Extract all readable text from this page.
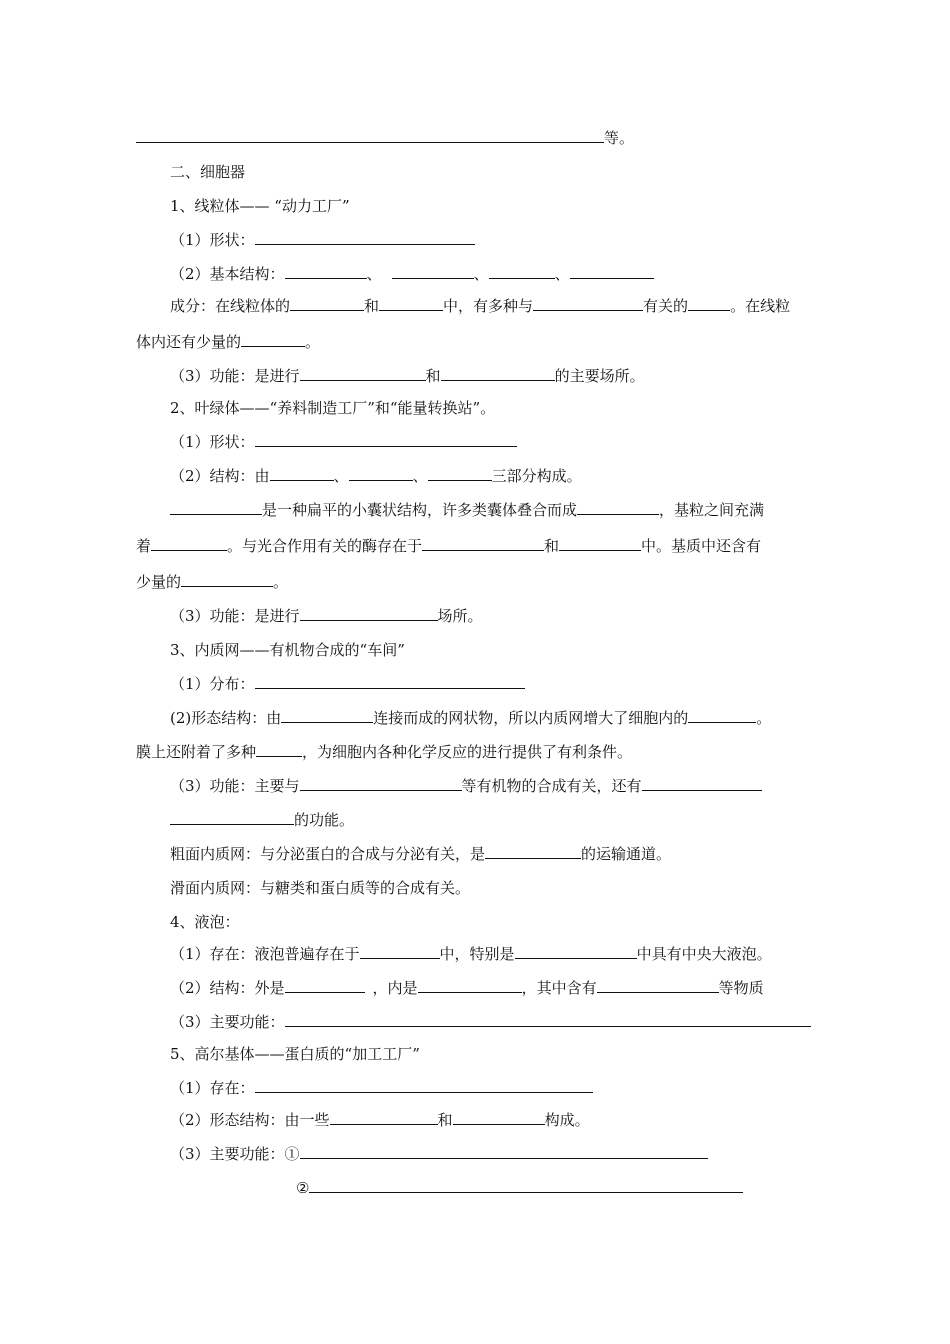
等。
二、细胞器
1、线粒体—— “动力工厂”
（1）形状：
（2）基本结构：	、	、	、
成分：在线粒体的	和	中，有多种与	有关的	。在线粒
体内还有少量的	。
（3）功能：是进行	和	的主要场所。
2、叶绿体——“养料制造工厂”和“能量转换站”。
（1）形状：
（2）结构：由	、	、	三部分构成。
是一种扁平的小囊状结构，许多类囊体叠合而成	，基粒之间充满
着	。与光合作用有关的酶存在于	和	中。基质中还含有
少量的	。
（3）功能：是进行	场所。
3、内质网——有机物合成的“车间”
（1）分布：
(2)形态结构：由	连接而成的网状物，所以内质网增大了细胞内的	。
膜上还附着了多种	，为细胞内各种化学反应的进行提供了有利条件。
（3）功能：主要与	等有机物的合成有关，还有
的功能。
粗面内质网：与分泌蛋白的合成与分泌有关，是	的运输通道。
滑面内质网：与糖类和蛋白质等的合成有关。
4、液泡：
（1）存在：液泡普遍存在于	中，特别是	中具有中央大液泡。
（2）结构：外是	，内是	，其中含有	等物质
（3）主要功能：
5、高尔基体——蛋白质的“加工工厂”
（1）存在：
（2）形态结构：由一些	和	构成。
（3）主要功能：①
②
